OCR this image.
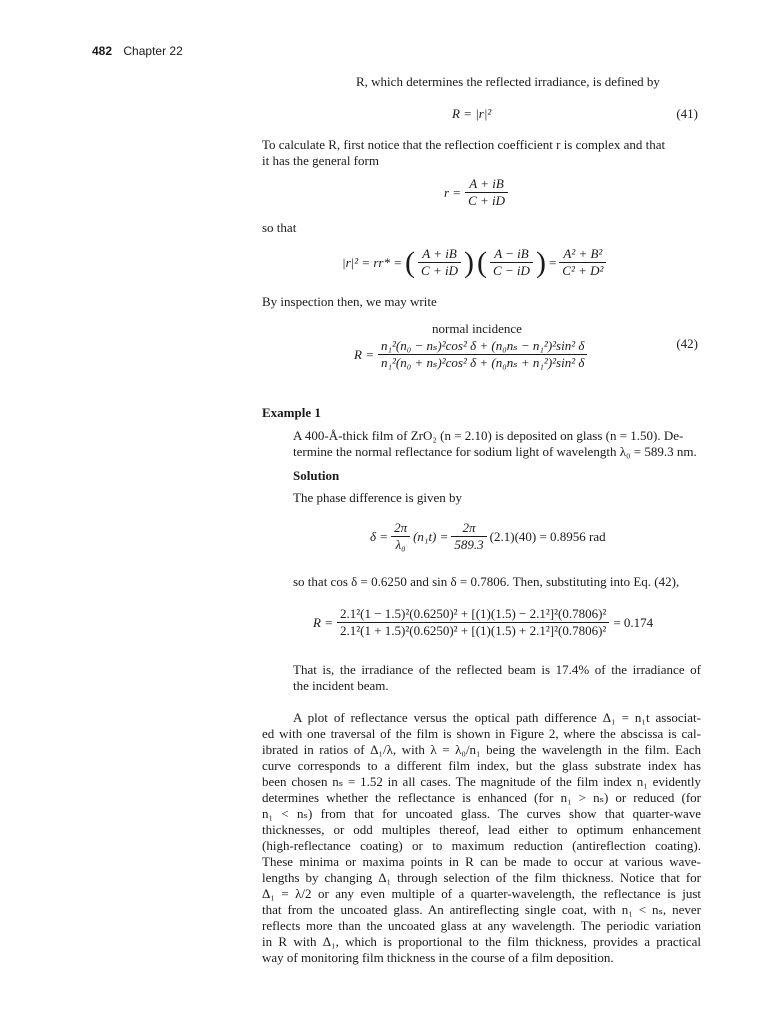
482 Chapter 22
R, which determines the reflected irradiance, is defined by
R = |r|²	(41)
To calculate R, first notice that the reflection coefficient r is complex and that
it has the general form
$r = \frac{A + iB}{C + iD}$
so that
|r|² = rr* = ( $\frac{A + iB}{C + iD}$ ) ( $\frac{A - iB}{C - iD}$ ) = $\frac{\text{A² + B²}}{\text{C² + D²}}$
By inspection then, we may write
normal incidence
(42)
$R = \frac{\text{n₁²(n₀ − nₛ)²cos² δ + (n₀nₛ − n₁²)²sin² δ}}{\text{n₁²(n₀ + nₛ)²cos² δ + (n₀nₛ + n₁²)²sin² δ}}$
Example 1
A 400-Å-thick film of ZrO₂ (n = 2.10) is deposited on glass (n = 1.50). De-
termine the normal reflectance for sodium light of wavelength λ₀ = 589.3 nm.
Solution
The phase difference is given by
$\delta = \frac{2\pi}{\text{λ₀}} (n_1t) = \frac{2\pi}{589.3} (2.1)(40) = 0.8956$ rad
so that cos δ = 0.6250 and sin δ = 0.7806. Then, substituting into Eq. (42),
$R = \frac{\text{2.1²(1 − 1.5)²(0.6250)² + [(1)(1.5) − 2.1²]²(0.7806)²}}{\text{2.1²(1 + 1.5)²(0.6250)² + [(1)(1.5) + 2.1²]²(0.7806)²}} = 0.174$
That is, the irradiance of the reflected beam is 17.4% of the irradiance of
the incident beam.
A plot of reflectance versus the optical path difference Δ₁ = n₁t associat-
ed with one traversal of the film is shown in Figure 2, where the abscissa is cal-
ibrated in ratios of Δ₁/λ, with λ = λ₀/n₁ being the wavelength in the film. Each
curve corresponds to a different film index, but the glass substrate index has
been chosen nₛ = 1.52 in all cases. The magnitude of the film index n₁ evidently
determines whether the reflectance is enhanced (for n₁ > nₛ) or reduced (for
n₁ < nₛ) from that for uncoated glass. The curves show that quarter-wave
thicknesses, or odd multiples thereof, lead either to optimum enhancement
(high-reflectance coating) or to maximum reduction (antireflection coating).
These minima or maxima points in R can be made to occur at various wave-
lengths by changing Δ₁ through selection of the film thickness. Notice that for
Δ₁ = λ/2 or any even multiple of a quarter-wavelength, the reflectance is just
that from the uncoated glass. An antireflecting single coat, with n₁ < nₛ, never
reflects more than the uncoated glass at any wavelength. The periodic variation
in R with Δ₁, which is proportional to the film thickness, provides a practical
way of monitoring film thickness in the course of a film deposition.
